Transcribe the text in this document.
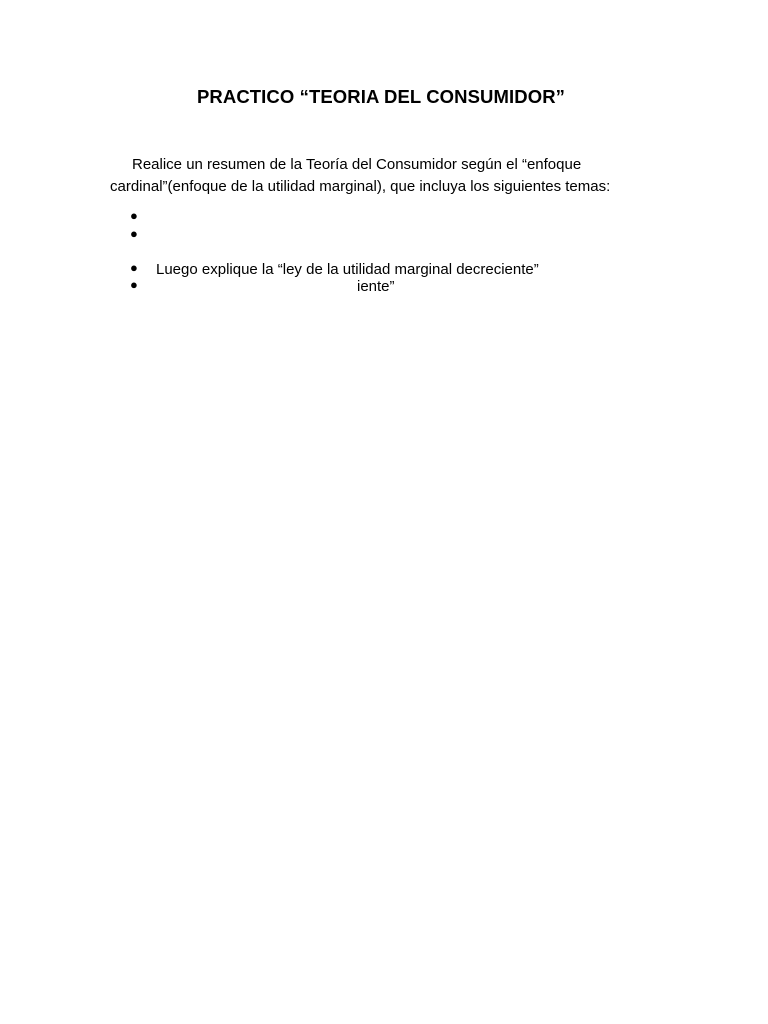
PRACTICO “TEORIA DEL CONSUMIDOR”
Realice un resumen de la Teoría del Consumidor según el “enfoque
cardinal”(enfoque de la utilidad marginal), que incluya los siguientes temas:
●
●
● Luego explique la “ley de la utilidad marginal decreciente”
●	iente”
